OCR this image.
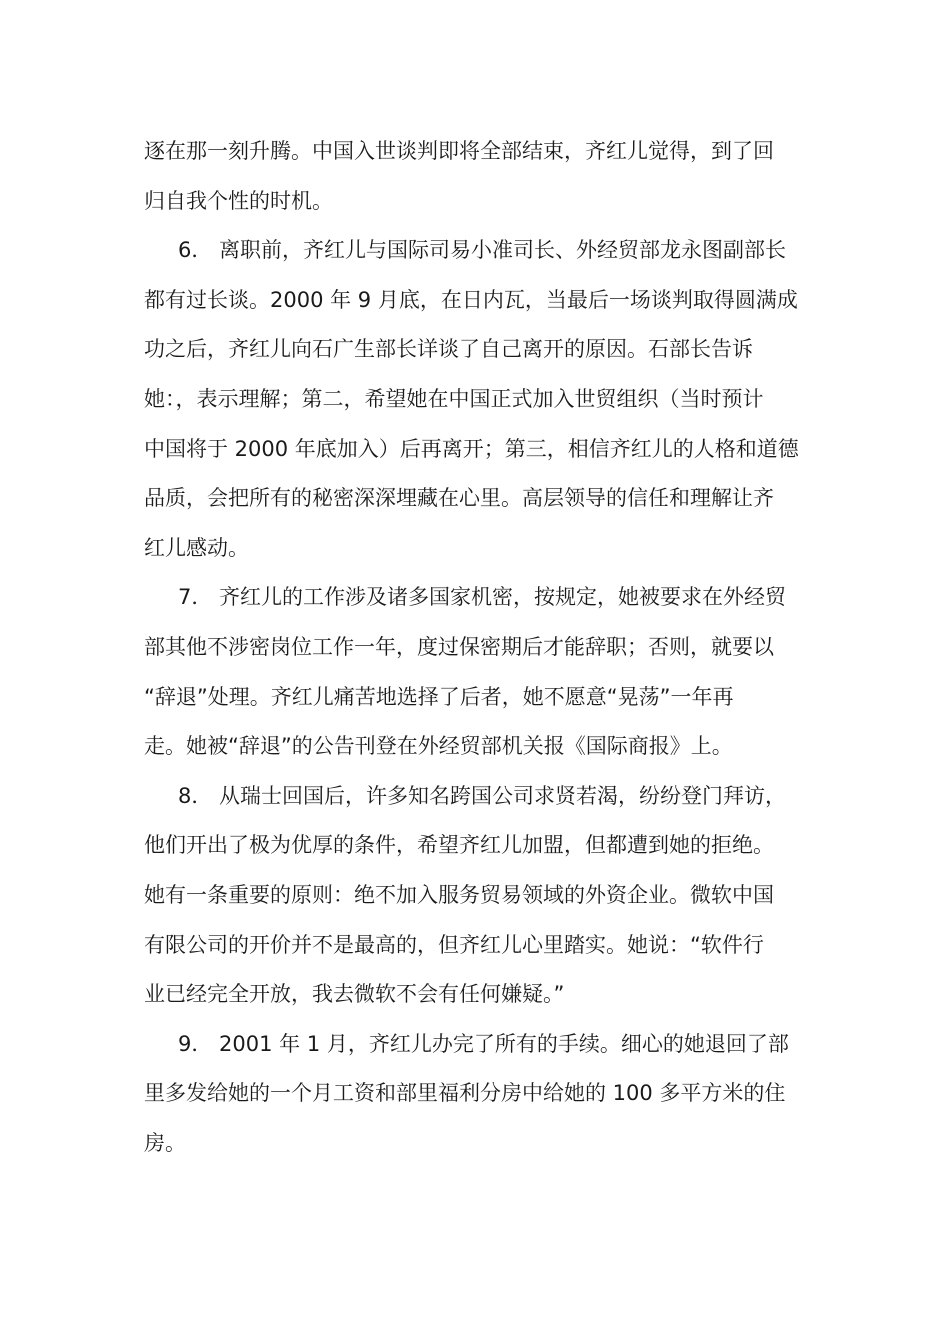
逐在那一刻升腾。中国入世谈判即将全部结束，齐红儿觉得，到了回

归自我个性的时机。

6． 离职前，齐红儿与国际司易小准司长、外经贸部龙永图副部长

都有过长谈。2000 年 9 月底，在日内瓦，当最后一场谈判取得圆满成

功之后，齐红儿向石广生部长详谈了自己离开的原因。石部长告诉

她：，表示理解；第二，希望她在中国正式加入世贸组织（当时预计

中国将于 2000 年底加入）后再离开；第三，相信齐红儿的人格和道德

品质，会把所有的秘密深深埋藏在心里。高层领导的信任和理解让齐

红儿感动。

7． 齐红儿的工作涉及诸多国家机密，按规定，她被要求在外经贸

部其他不涉密岗位工作一年，度过保密期后才能辞职；否则，就要以

“辞退”处理。齐红儿痛苦地选择了后者，她不愿意“晃荡”一年再

走。她被“辞退”的公告刊登在外经贸部机关报《国际商报》上。

8． 从瑞士回国后，许多知名跨国公司求贤若渴，纷纷登门拜访，

他们开出了极为优厚的条件，希望齐红儿加盟，但都遭到她的拒绝。

她有一条重要的原则：绝不加入服务贸易领域的外资企业。微软中国

有限公司的开价并不是最高的，但齐红儿心里踏实。她说：“软件行

业已经完全开放，我去微软不会有任何嫌疑。”

9． 2001 年 1 月，齐红儿办完了所有的手续。细心的她退回了部

里多发给她的一个月工资和部里福利分房中给她的 100 多平方米的住

房。
